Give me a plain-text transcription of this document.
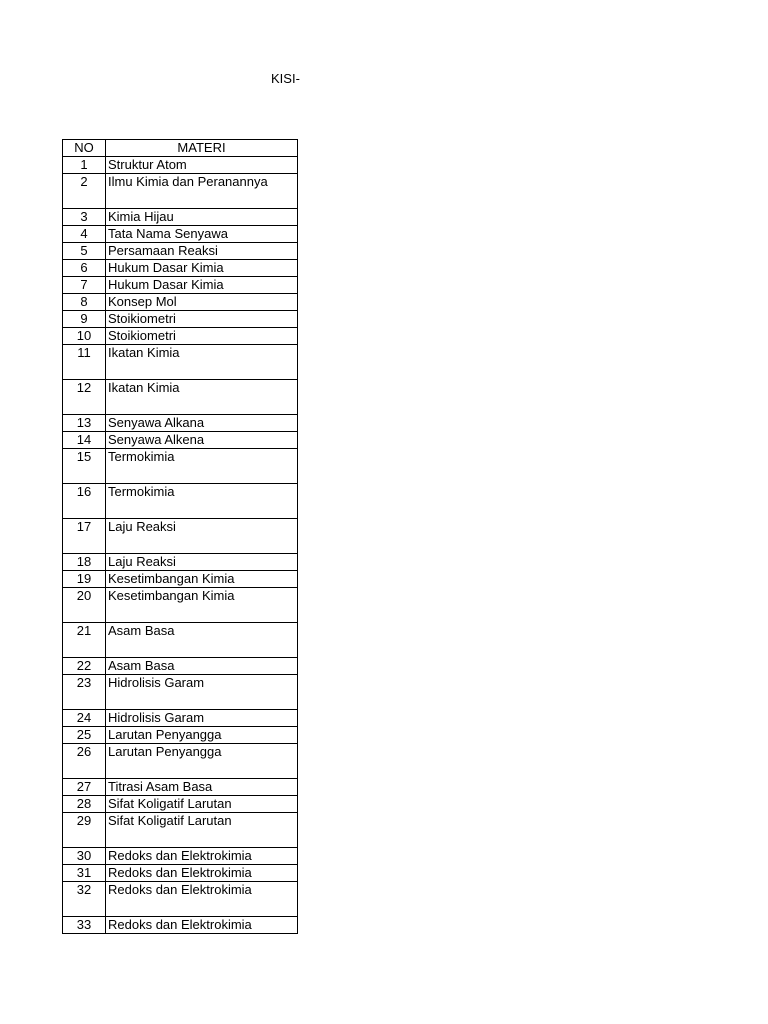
KISI-
NO	MATERI
1	Struktur Atom
2	Ilmu Kimia dan Peranannya
3	Kimia Hijau
4	Tata Nama Senyawa
5	Persamaan Reaksi
6	Hukum Dasar Kimia
7	Hukum Dasar Kimia
8	Konsep Mol
9	Stoikiometri
10	Stoikiometri
11	Ikatan Kimia
12	Ikatan Kimia
13	Senyawa Alkana
14	Senyawa Alkena
15	Termokimia
16	Termokimia
17	Laju Reaksi
18	Laju Reaksi
19	Kesetimbangan Kimia
20	Kesetimbangan Kimia
21	Asam Basa
22	Asam Basa
23	Hidrolisis Garam
24	Hidrolisis Garam
25	Larutan Penyangga
26	Larutan Penyangga
27	Titrasi Asam Basa
28	Sifat Koligatif Larutan
29	Sifat Koligatif Larutan
30	Redoks dan Elektrokimia
31	Redoks dan Elektrokimia
32	Redoks dan Elektrokimia
33	Redoks dan Elektrokimia
